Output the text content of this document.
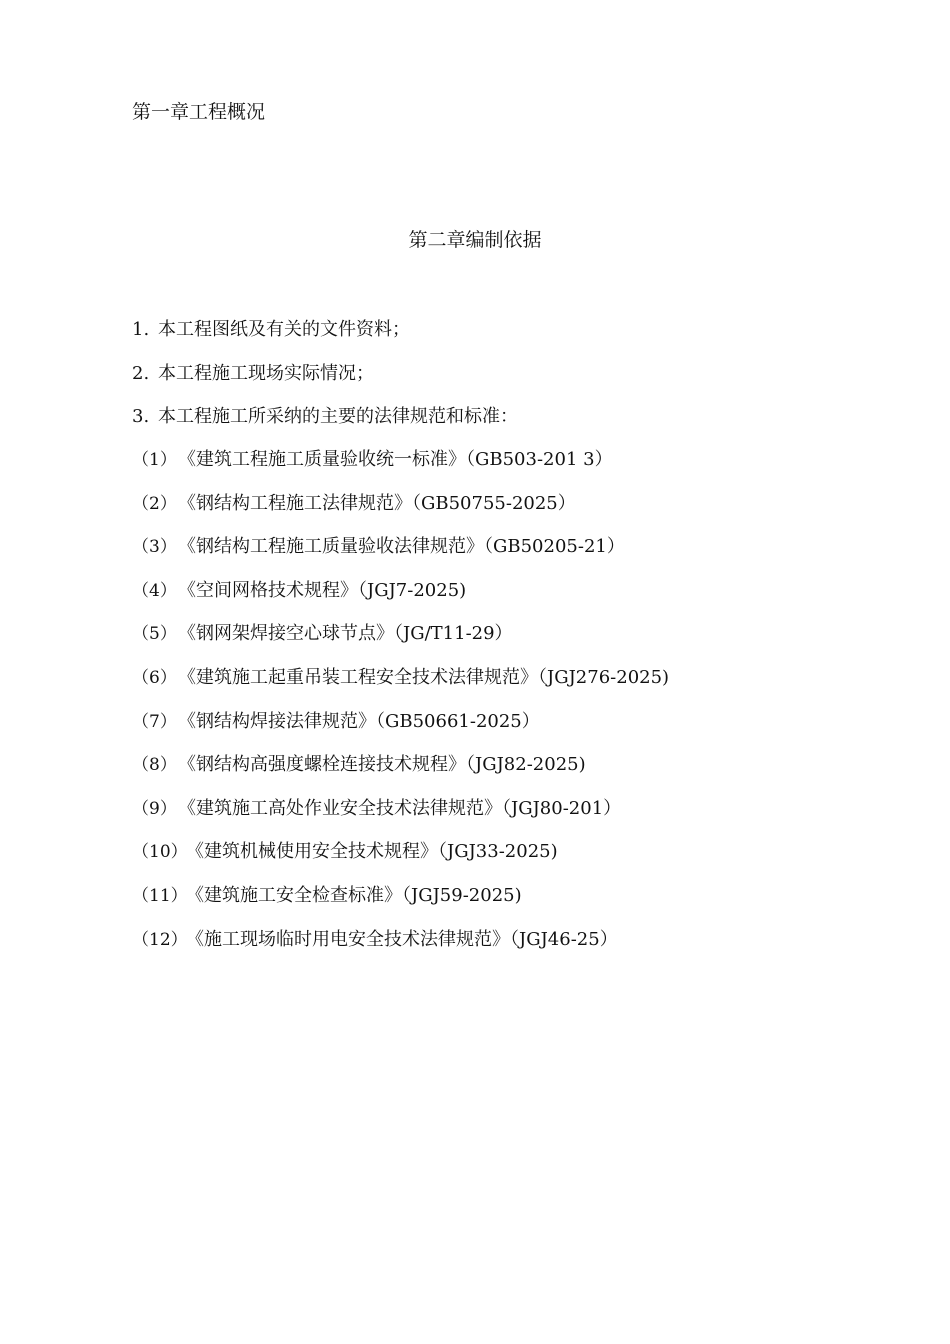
第一章工程概况
第二章编制依据
1. 本工程图纸及有关的文件资料；
2. 本工程施工现场实际情况；
3. 本工程施工所采纳的主要的法律规范和标准：
（1）《建筑工程施工质量验收统一标准》（GB503-201 3）
（2）《钢结构工程施工法律规范》（GB50755-2025）
（3）《钢结构工程施工质量验收法律规范》（GB50205-21）
（4）《空间网格技术规程》（JGJ7-2025)
（5）《钢网架焊接空心球节点》（JG/T11-29）
（6）《建筑施工起重吊装工程安全技术法律规范》（JGJ276-2025)
（7）《钢结构焊接法律规范》（GB50661-2025）
（8）《钢结构高强度螺栓连接技术规程》（JGJ82-2025)
（9）《建筑施工高处作业安全技术法律规范》（JGJ80-201）
（10）《建筑机械使用安全技术规程》（JGJ33-2025)
（11）《建筑施工安全检查标准》（JGJ59-2025)
（12）《施工现场临时用电安全技术法律规范》（JGJ46-25）
